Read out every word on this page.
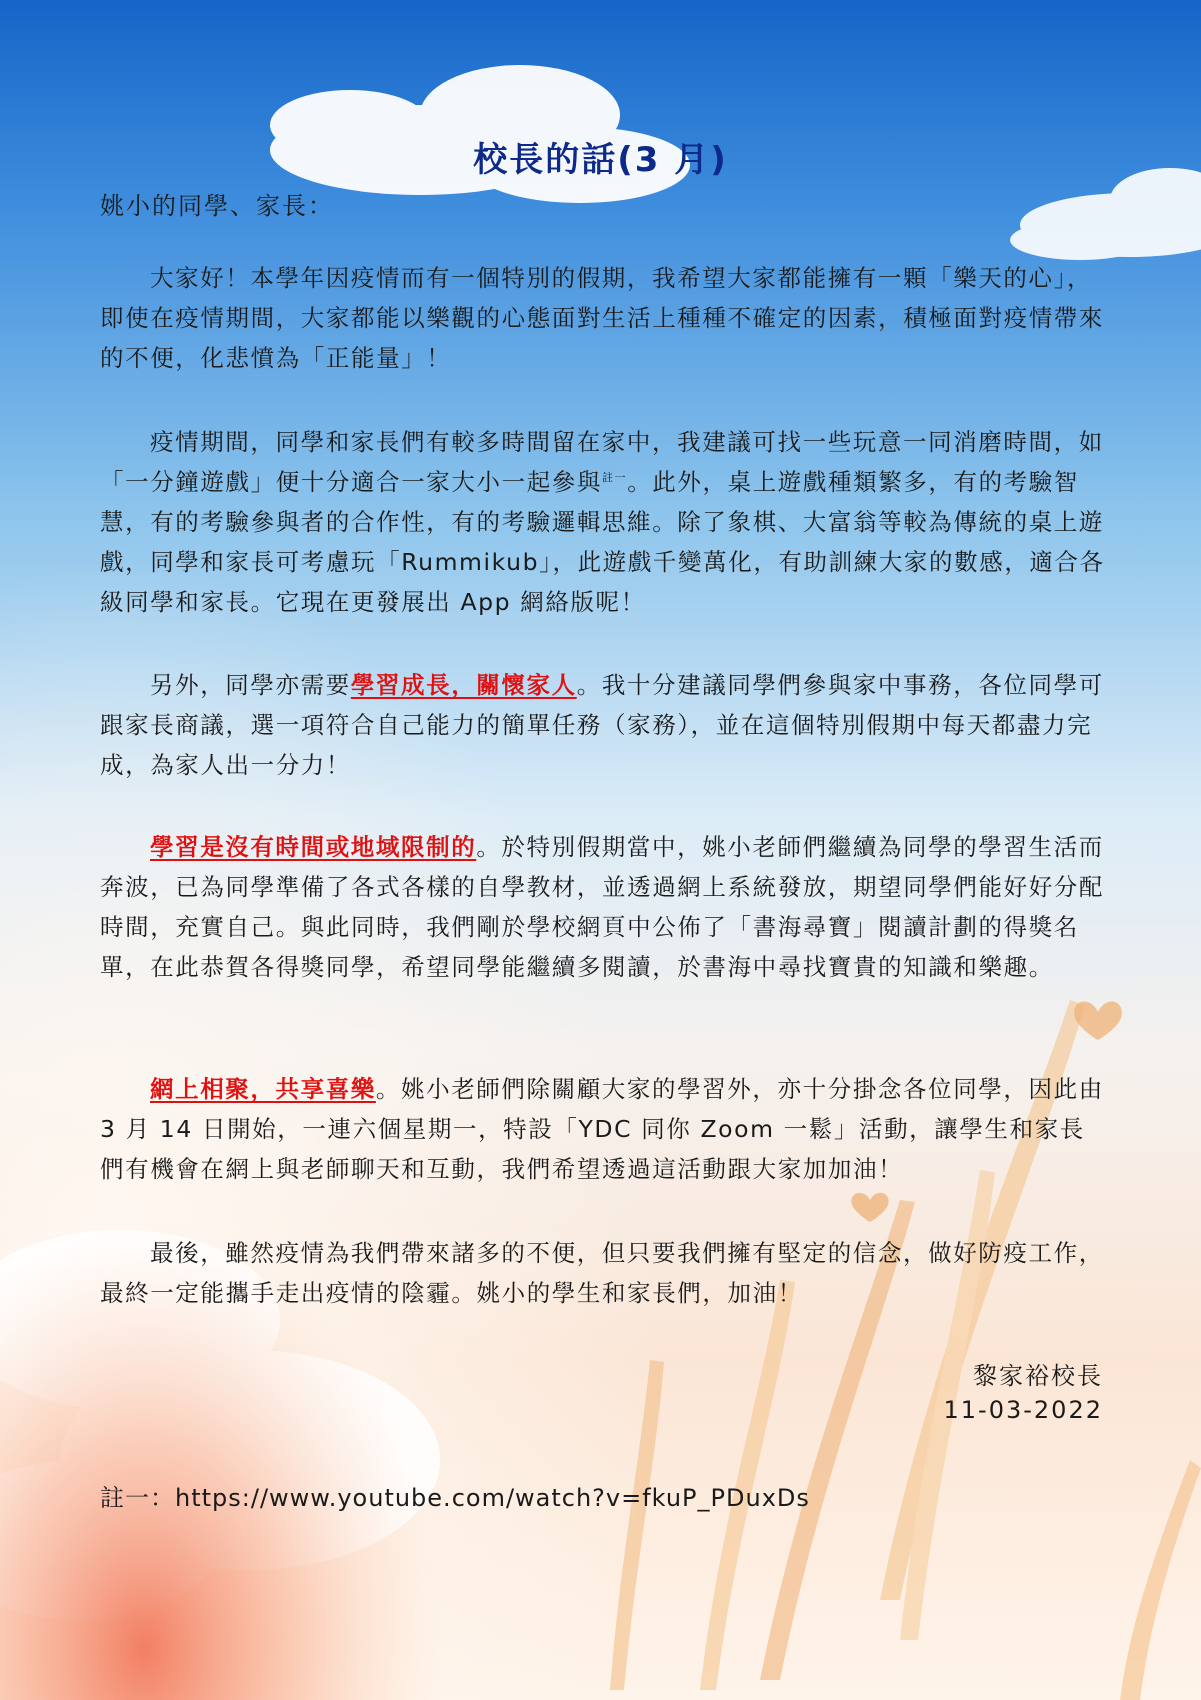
校長的話(3 月)
姚小的同學、家長：

大家好！本學年因疫情而有一個特別的假期，我希望大家都能擁有一顆「樂天的心」，即使在疫情期間，大家都能以樂觀的心態面對生活上種種不確定的因素，積極面對疫情帶來的不便，化悲憤為「正能量」！

疫情期間，同學和家長們有較多時間留在家中，我建議可找一些玩意一同消磨時間，如「一分鐘遊戲」便十分適合一家大小一起參與$^{註一}$。此外，桌上遊戲種類繁多，有的考驗智慧，有的考驗參與者的合作性，有的考驗邏輯思維。除了象棋、大富翁等較為傳統的桌上遊戲，同學和家長可考慮玩「Rummikub」，此遊戲千變萬化，有助訓練大家的數感，適合各級同學和家長。它現在更發展出 App 網絡版呢！

另外，同學亦需要學習成長，關懷家人。我十分建議同學們參與家中事務，各位同學可跟家長商議，選一項符合自己能力的簡單任務（家務），並在這個特別假期中每天都盡力完成，為家人出一分力！

學習是沒有時間或地域限制的。於特別假期當中，姚小老師們繼續為同學的學習生活而奔波，已為同學準備了各式各樣的自學教材，並透過網上系統發放，期望同學們能好好分配時間，充實自己。與此同時，我們剛於學校網頁中公佈了「書海尋寶」閱讀計劃的得獎名單，在此恭賀各得獎同學，希望同學能繼續多閱讀，於書海中尋找寶貴的知識和樂趣。

網上相聚，共享喜樂。姚小老師們除關顧大家的學習外，亦十分掛念各位同學，因此由 3 月 14 日開始，一連六個星期一，特設「YDC 同你 Zoom 一鬆」活動，讓學生和家長們有機會在網上與老師聊天和互動，我們希望透過這活動跟大家加加油！

最後，雖然疫情為我們帶來諸多的不便，但只要我們擁有堅定的信念，做好防疫工作，最終一定能攜手走出疫情的陰霾。姚小的學生和家長們，加油！

黎家裕校長
11-03-2022
註一：https://www.youtube.com/watch?v=fkuP_PDuxDs
